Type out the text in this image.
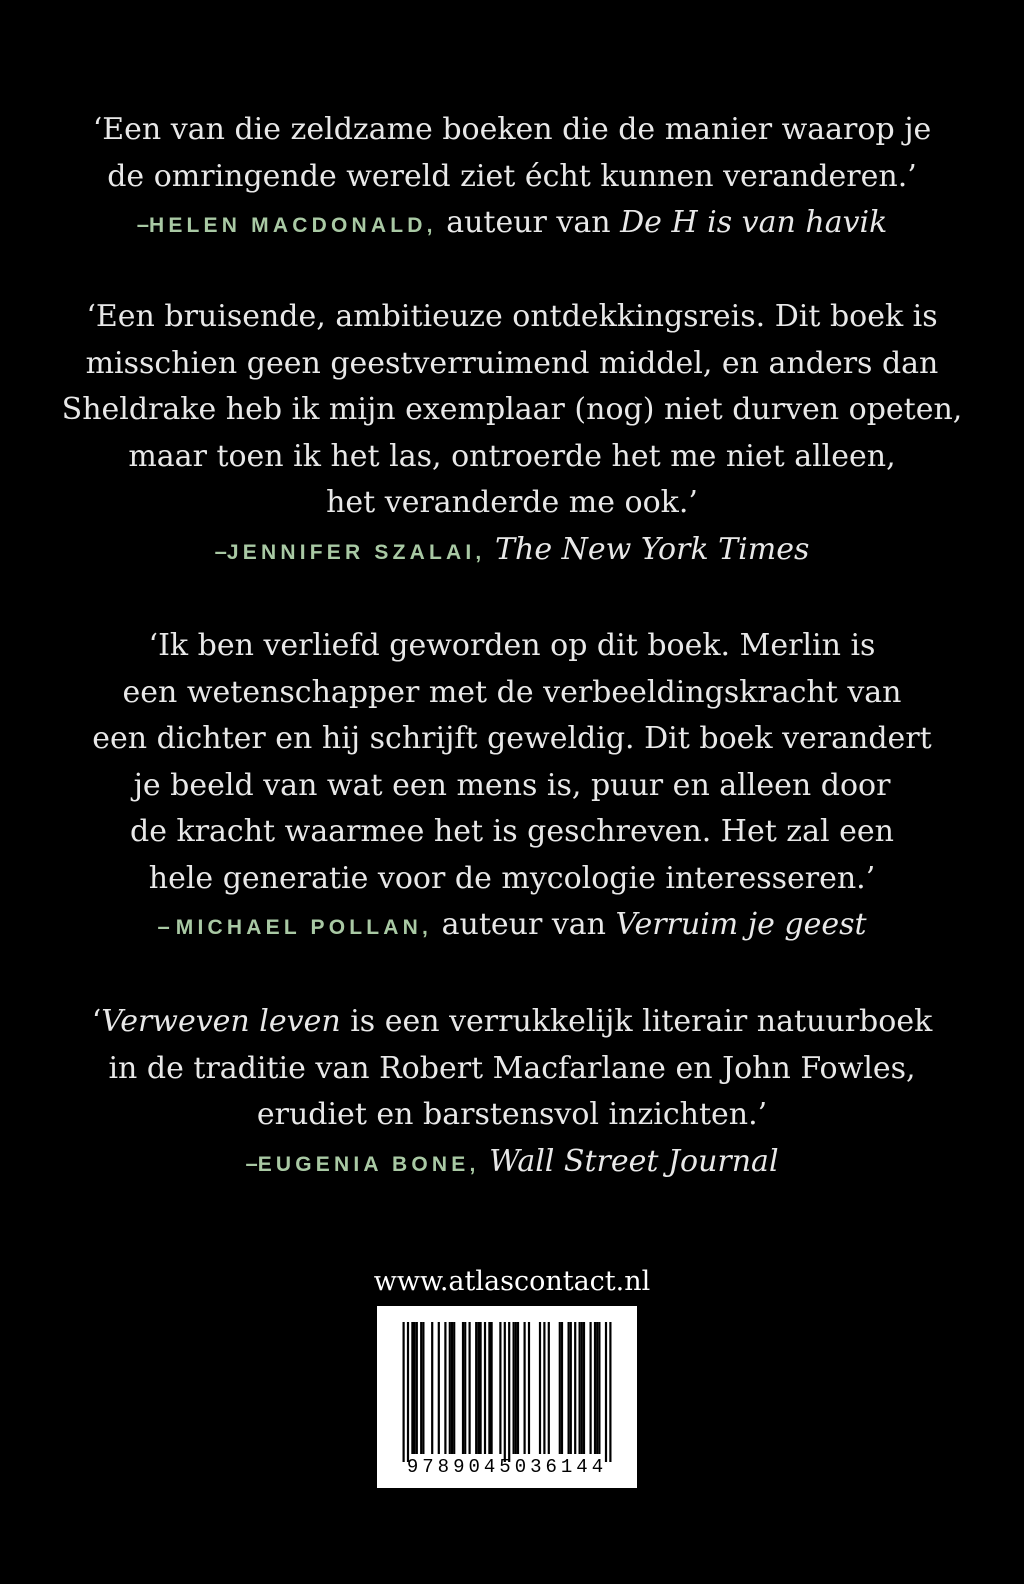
‘Een van die zeldzame boeken die de manier waarop je
de omringende wereld ziet écht kunnen veranderen.’
–HELEN MACDONALD, auteur van De H is van havik
‘Een bruisende, ambitieuze ontdekkingsreis. Dit boek is
misschien geen geestverruimend middel, en anders dan
Sheldrake heb ik mijn exemplaar (nog) niet durven opeten,
maar toen ik het las, ontroerde het me niet alleen,
het veranderde me ook.’
–JENNIFER SZALAI, The New York Times
‘Ik ben verliefd geworden op dit boek. Merlin is
een wetenschapper met de verbeeldingskracht van
een dichter en hij schrijft geweldig. Dit boek verandert
je beeld van wat een mens is, puur en alleen door
de kracht waarmee het is geschreven. Het zal een
hele generatie voor de mycologie interesseren.’
– MICHAEL POLLAN, auteur van Verruim je geest
‘Verweven leven is een verrukkelijk literair natuurboek
in de traditie van Robert Macfarlane en John Fowles,
erudiet en barstensvol inzichten.’
–EUGENIA BONE, Wall Street Journal
www.atlascontact.nl
9789045036144
